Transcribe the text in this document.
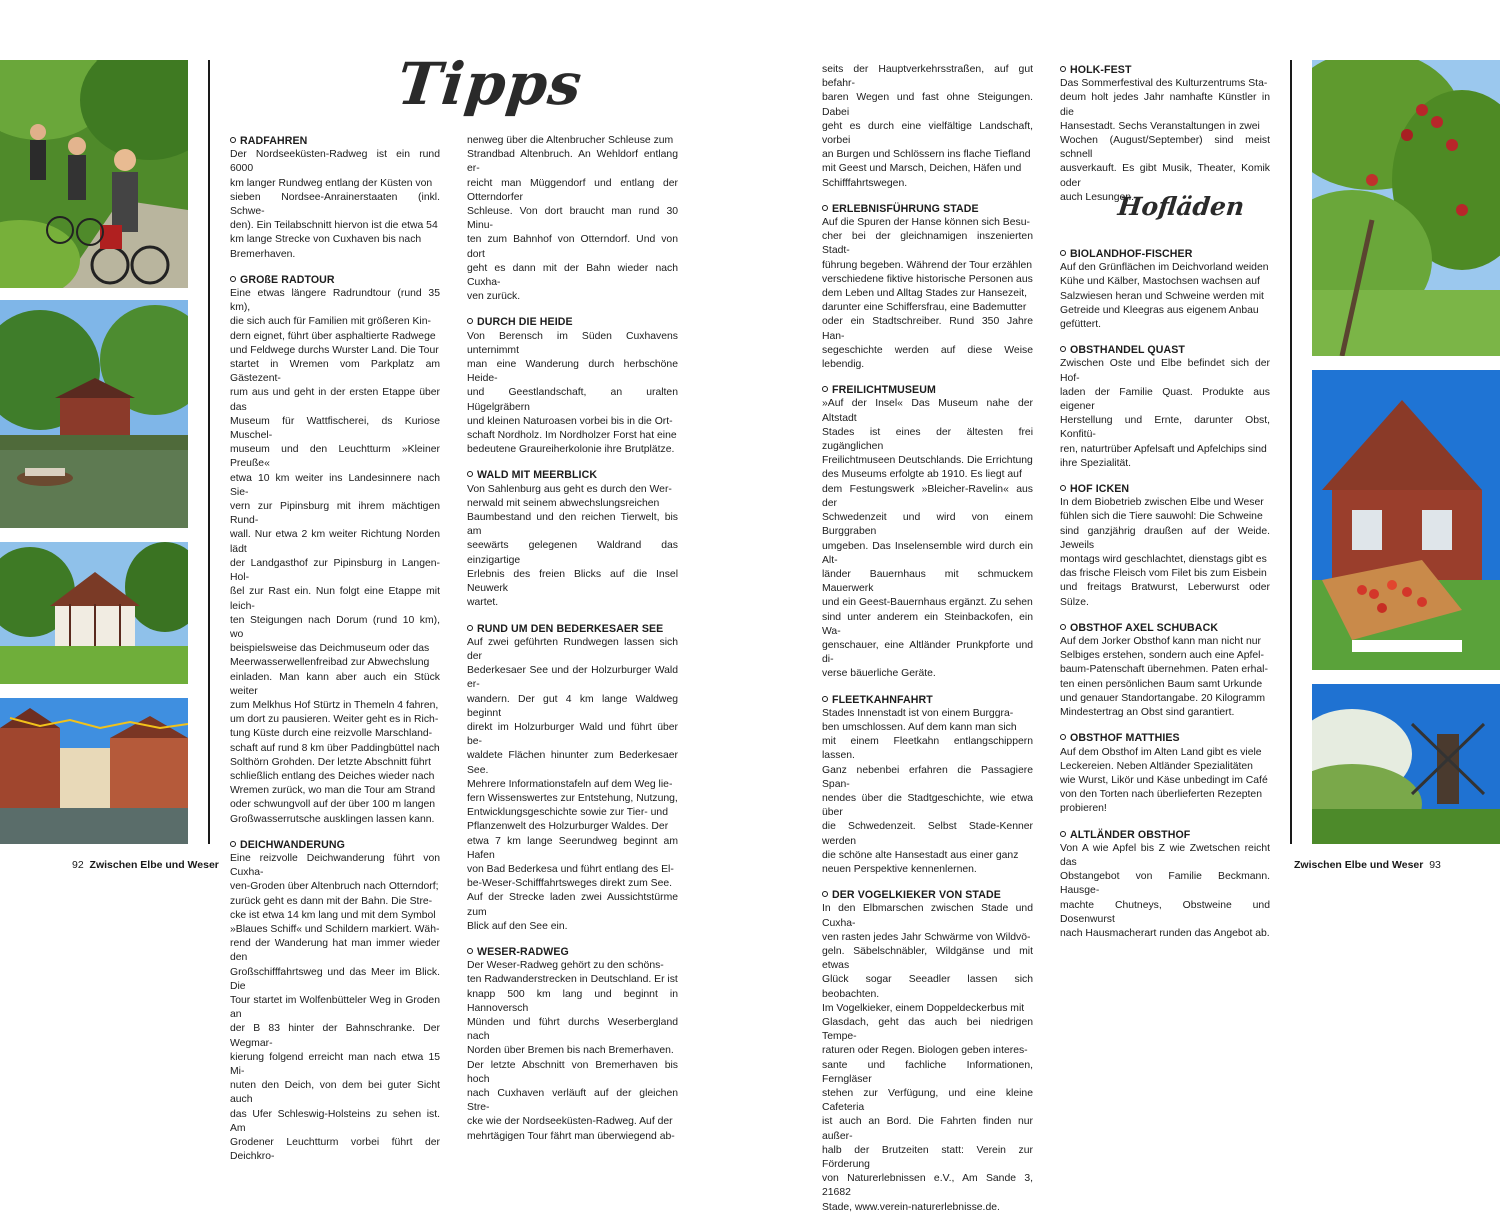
Tipps
Hofläden

RADFAHREN

Der Nordseeküsten-Radweg ist ein rund 6000

km langer Rundweg entlang der Küsten von

sieben Nordsee-Anrainerstaaten (inkl. Schwe-

den). Ein Teilabschnitt hiervon ist die etwa 54

km lange Strecke von Cuxhaven bis nach

Bremerhaven.

GROßE RADTOUR

Eine etwas längere Radrundtour (rund 35 km),

die sich auch für Familien mit größeren Kin-

dern eignet, führt über asphaltierte Radwege

und Feldwege durchs Wurster Land. Die Tour

startet in Wremen vom Parkplatz am Gästezent-

rum aus und geht in der ersten Etappe über das

Museum für Wattfischerei, ds Kuriose Muschel-

museum und den Leuchtturm »Kleiner Preuße«

etwa 10 km weiter ins Landesinnere nach Sie-

vern zur Pipinsburg mit ihrem mächtigen Rund-

wall. Nur etwa 2 km weiter Richtung Norden lädt

der Landgasthof zur Pipinsburg in Langen-Hol-

ßel zur Rast ein. Nun folgt eine Etappe mit leich-

ten Steigungen nach Dorum (rund 10 km), wo

beispielsweise das Deichmuseum oder das

Meerwasserwellenfreibad zur Abwechslung

einladen. Man kann aber auch ein Stück weiter

zum Melkhus Hof Stürtz in Themeln 4 fahren,

um dort zu pausieren. Weiter geht es in Rich-

tung Küste durch eine reizvolle Marschland-

schaft auf rund 8 km über Paddingbüttel nach

Solthörn Grohden. Der letzte Abschnitt führt

schließlich entlang des Deiches wieder nach

Wremen zurück, wo man die Tour am Strand

oder schwungvoll auf der über 100 m langen

Großwasserrutsche ausklingen lassen kann.

DEICHWANDERUNG

Eine reizvolle Deichwanderung führt von Cuxha-

ven-Groden über Altenbruch nach Otterndorf;

zurück geht es dann mit der Bahn. Die Stre-

cke ist etwa 14 km lang und mit dem Symbol

»Blaues Schiff« und Schildern markiert. Wäh-

rend der Wanderung hat man immer wieder den

Großschifffahrtsweg und das Meer im Blick. Die

Tour startet im Wolfenbütteler Weg in Groden an

der B 83 hinter der Bahnschranke. Der Wegmar-

kierung folgend erreicht man nach etwa 15 Mi-

nuten den Deich, von dem bei guter Sicht auch

das Ufer Schleswig-Holsteins zu sehen ist. Am

Grodener Leuchtturm vorbei führt der Deichkro-

nenweg über die Altenbrucher Schleuse zum

Strandbad Altenbruch. An Wehldorf entlang er-

reicht man Müggendorf und entlang der Otterndorfer

Schleuse. Von dort braucht man rund 30 Minu-

ten zum Bahnhof von Otterndorf. Und von dort

geht es dann mit der Bahn wieder nach Cuxha-

ven zurück.

DURCH DIE HEIDE

Von Berensch im Süden Cuxhavens unternimmt

man eine Wanderung durch herbschöne Heide-

und Geestlandschaft, an uralten Hügelgräbern

und kleinen Naturoasen vorbei bis in die Ort-

schaft Nordholz. Im Nordholzer Forst hat eine

bedeutene Graureiherkolonie ihre Brutplätze.

WALD MIT MEERBLICK

Von Sahlenburg aus geht es durch den Wer-

nerwald mit seinem abwechslungsreichen

Baumbestand und den reichen Tierwelt, bis am

seewärts gelegenen Waldrand das einzigartige

Erlebnis des freien Blicks auf die Insel Neuwerk

wartet.

RUND UM DEN BEDERKESAER SEE

Auf zwei geführten Rundwegen lassen sich der

Bederkesaer See und der Holzurburger Wald er-

wandern. Der gut 4 km lange Waldweg beginnt

direkt im Holzurburger Wald und führt über be-

waldete Flächen hinunter zum Bederkesaer See.

Mehrere Informationstafeln auf dem Weg lie-

fern Wissenswertes zur Entstehung, Nutzung,

Entwicklungsgeschichte sowie zur Tier- und

Pflanzenwelt des Holzurburger Waldes. Der

etwa 7 km lange Seerundweg beginnt am Hafen

von Bad Bederkesa und führt entlang des El-

be-Weser-Schifffahrtsweges direkt zum See.

Auf der Strecke laden zwei Aussichtstürme zum

Blick auf den See ein.

WESER-RADWEG

Der Weser-Radweg gehört zu den schöns-

ten Radwanderstrecken in Deutschland. Er ist

knapp 500 km lang und beginnt in Hannoversch

Münden und führt durchs Weserbergland nach

Norden über Bremen bis nach Bremerhaven.

Der letzte Abschnitt von Bremerhaven bis hoch

nach Cuxhaven verläuft auf der gleichen Stre-

cke wie der Nordseeküsten-Radweg. Auf der

mehrtägigen Tour fährt man überwiegend ab-

seits der Hauptverkehrsstraßen, auf gut befahr-

baren Wegen und fast ohne Steigungen. Dabei

geht es durch eine vielfältige Landschaft, vorbei

an Burgen und Schlössern ins flache Tiefland

mit Geest und Marsch, Deichen, Häfen und

Schifffahrtswegen.

ERLEBNISFÜHRUNG STADE

Auf die Spuren der Hanse können sich Besu-

cher bei der gleichnamigen inszenierten Stadt-

führung begeben. Während der Tour erzählen

verschiedene fiktive historische Personen aus

dem Leben und Alltag Stades zur Hansezeit,

darunter eine Schiffersfrau, eine Bademutter

oder ein Stadtschreiber. Rund 350 Jahre Han-

segeschichte werden auf diese Weise lebendig.

FREILICHTMUSEUM

»Auf der Insel« Das Museum nahe der Altstadt

Stades ist eines der ältesten frei zugänglichen

Freilichtmuseen Deutschlands. Die Errichtung

des Museums erfolgte ab 1910. Es liegt auf

dem Festungswerk »Bleicher-Ravelin« aus der

Schwedenzeit und wird von einem Burggraben

umgeben. Das Inselensemble wird durch ein Alt-

länder Bauernhaus mit schmuckem Mauerwerk

und ein Geest-Bauernhaus ergänzt. Zu sehen

sind unter anderem ein Steinbackofen, ein Wa-

genschauer, eine Altländer Prunkpforte und di-

verse bäuerliche Geräte.

FLEETKAHNFAHRT

Stades Innenstadt ist von einem Burggra-

ben umschlossen. Auf dem kann man sich

mit einem Fleetkahn entlangschippern lassen.

Ganz nebenbei erfahren die Passagiere Span-

nendes über die Stadtgeschichte, wie etwa über

die Schwedenzeit. Selbst Stade-Kenner werden

die schöne alte Hansestadt aus einer ganz

neuen Perspektive kennenlernen.

DER VOGELKIEKER VON STADE

In den Elbmarschen zwischen Stade und Cuxha-

ven rasten jedes Jahr Schwärme von Wildvö-

geln. Säbelschnäbler, Wildgänse und mit etwas

Glück sogar Seeadler lassen sich beobachten.

Im Vogelkieker, einem Doppeldeckerbus mit

Glasdach, geht das auch bei niedrigen Tempe-

raturen oder Regen. Biologen geben interes-

sante und fachliche Informationen, Ferngläser

stehen zur Verfügung, und eine kleine Cafeteria

ist auch an Bord. Die Fahrten finden nur außer-

halb der Brutzeiten statt: Verein zur Förderung

von Naturerlebnissen e.V., Am Sande 3, 21682

Stade, www.verein-naturerlebnisse.de.

HOLK-FEST

Das Sommerfestival des Kulturzentrums Sta-

deum holt jedes Jahr namhafte Künstler in die

Hansestadt. Sechs Veranstaltungen in zwei

Wochen (August/September) sind meist schnell

ausverkauft. Es gibt Musik, Theater, Komik oder

auch Lesungen.

BIOLANDHOF-FISCHER

Auf den Grünflächen im Deichvorland weiden

Kühe und Kälber, Mastochsen wachsen auf

Salzwiesen heran und Schweine werden mit

Getreide und Kleegras aus eigenem Anbau

gefüttert.

OBSTHANDEL QUAST

Zwischen Oste und Elbe befindet sich der Hof-

laden der Familie Quast. Produkte aus eigener

Herstellung und Ernte, darunter Obst, Konfitü-

ren, naturtrüber Apfelsaft und Apfelchips sind

ihre Spezialität.

HOF ICKEN

In dem Biobetrieb zwischen Elbe und Weser

fühlen sich die Tiere sauwohl: Die Schweine

sind ganzjährig draußen auf der Weide. Jeweils

montags wird geschlachtet, dienstags gibt es

das frische Fleisch vom Filet bis zum Eisbein

und freitags Bratwurst, Leberwurst oder Sülze.

OBSTHOF AXEL SCHUBACK

Auf dem Jorker Obsthof kann man nicht nur

Selbiges erstehen, sondern auch eine Apfel-

baum-Patenschaft übernehmen. Paten erhal-

ten einen persönlichen Baum samt Urkunde

und genauer Standortangabe. 20 Kilogramm

Mindestertrag an Obst sind garantiert.

OBSTHOF MATTHIES

Auf dem Obsthof im Alten Land gibt es viele

Leckereien. Neben Altländer Spezialitäten

wie Wurst, Likör und Käse unbedingt im Café

von den Torten nach überlieferten Rezepten

probieren!

ALTLÄNDER OBSTHOF

Von A wie Apfel bis Z wie Zwetschen reicht das

Obstangebot von Familie Beckmann. Hausge-

machte Chutneys, Obstweine und Dosenwurst

nach Hausmacherart runden das Angebot ab.

92 Zwischen Elbe und Weser	Zwischen Elbe und Weser 93
